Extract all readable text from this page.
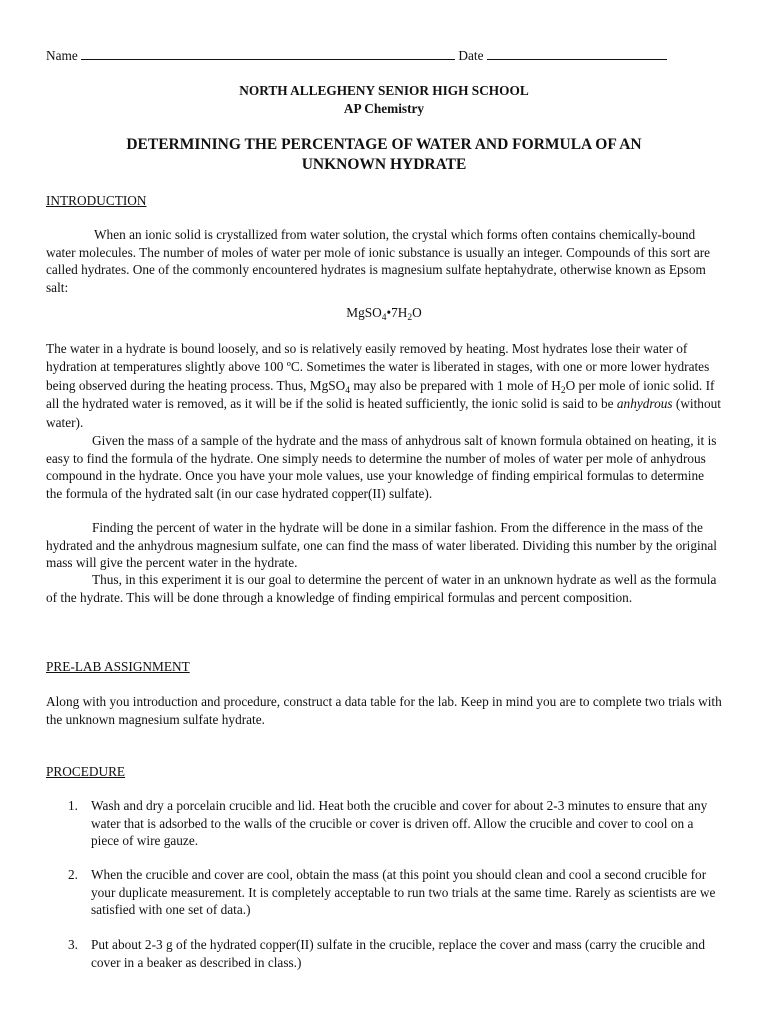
Name	Date
NORTH ALLEGHENY SENIOR HIGH SCHOOL
AP Chemistry
DETERMINING THE PERCENTAGE OF WATER AND FORMULA OF AN
UNKNOWN HYDRATE
INTRODUCTION

When an ionic solid is crystallized from water solution, the crystal which forms often contains chemically-bound water molecules. The number of moles of water per mole of ionic substance is usually an integer. Compounds of this sort are called hydrates. One of the commonly encountered hydrates is magnesium sulfate heptahydrate, otherwise known as Epsom salt:

$MgSO_4•7H_2O$

The water in a hydrate is bound loosely, and so is relatively easily removed by heating. Most hydrates lose their water of hydration at temperatures slightly above 100 ºC. Sometimes the water is liberated in stages, with one or more lower hydrates being observed during the heating process. Thus, MgSO$_4$ may also be prepared with 1 mole of $H_2O$ per mole of ionic solid. If all the hydrated water is removed, as it will be if the solid is heated sufficiently, the ionic solid is said to be anhydrous (without water).

Given the mass of a sample of the hydrate and the mass of anhydrous salt of known formula obtained on heating, it is easy to find the formula of the hydrate. One simply needs to determine the number of moles of water per mole of anhydrous compound in the hydrate. Once you have your mole values, use your knowledge of finding empirical formulas to determine the formula of the hydrated salt (in our case hydrated copper(II) sulfate).

Finding the percent of water in the hydrate will be done in a similar fashion. From the difference in the mass of the hydrated and the anhydrous magnesium sulfate, one can find the mass of water liberated. Dividing this number by the original mass will give the percent water in the hydrate.

Thus, in this experiment it is our goal to determine the percent of water in an unknown hydrate as well as the formula of the hydrate. This will be done through a knowledge of finding empirical formulas and percent composition.

PRE-LAB ASSIGNMENT

Along with you introduction and procedure, construct a data table for the lab. Keep in mind you are to complete two trials with the unknown magnesium sulfate hydrate.

PROCEDURE
1. Wash and dry a porcelain crucible and lid. Heat both the crucible and cover for about 2-3 minutes to ensure that any water that is adsorbed to the walls of the crucible or cover is driven off. Allow the crucible and cover to cool on a piece of wire gauze.
2. When the crucible and cover are cool, obtain the mass (at this point you should clean and cool a second crucible for your duplicate measurement. It is completely acceptable to run two trials at the same time. Rarely as scientists are we satisfied with one set of data.)
3. Put about 2-3 g of the hydrated copper(II) sulfate in the crucible, replace the cover and mass (carry the crucible and cover in a beaker as described in class.)
